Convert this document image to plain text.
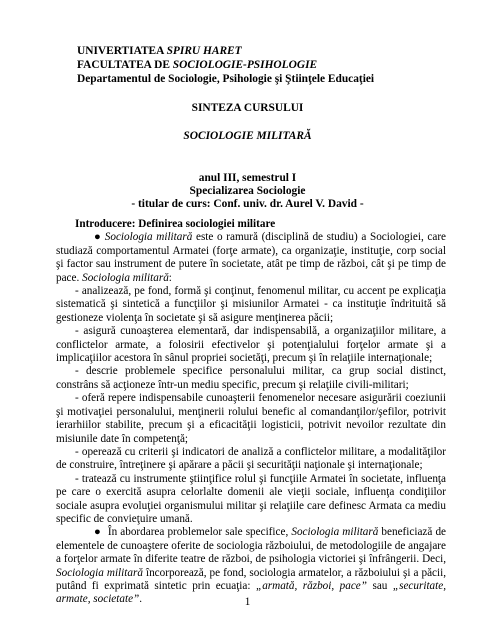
UNIVERTIATEA SPIRU HARET
FACULTATEA DE SOCIOLOGIE-PSIHOLOGIE
Departamentul de Sociologie, Psihologie şi Ştiinţele Educaţiei
SINTEZA CURSULUI
SOCIOLOGIE MILITARĂ
anul III, semestrul I
Specializarea Sociologie
- titular de curs: Conf. univ. dr. Aurel V. David -

Introducere: Definirea sociologiei militare

● Sociologia militară este o ramură (disciplină de studiu) a Sociologiei, care studiază comportamentul Armatei (forţe armate), ca organizaţie, instituţie, corp social şi factor sau instrument de putere în societate, atât pe timp de război, cât şi pe timp de pace. Sociologia militară:

- analizează, pe fond, formă şi conţinut, fenomenul militar, cu accent pe explicaţia sistematică şi sintetică a funcţiilor şi misiunilor Armatei - ca instituţie îndrituită să gestioneze violenţa în societate şi să asigure menţinerea păcii;

- asigură cunoaşterea elementară, dar indispensabilă, a organizaţiilor militare, a conflictelor armate, a folosirii efectivelor şi potenţialului forţelor armate şi a implicaţiilor acestora în sânul propriei societăţi, precum şi în relaţiile internaţionale;

- descrie problemele specifice personalului militar, ca grup social distinct, constrâns să acţioneze într-un mediu specific, precum şi relaţiile civili-militari;

- oferă repere indispensabile cunoaşterii fenomenelor necesare asigurării coeziunii şi motivaţiei personalului, menţinerii rolului benefic al comandanţilor/şefilor, potrivit ierarhiilor stabilite, precum şi a eficacităţii logisticii, potrivit nevoilor rezultate din misiunile date în competenţă;

- operează cu criterii şi indicatori de analiză a conflictelor militare, a modalităţilor de construire, întreţinere şi apărare a păcii şi securităţii naţionale şi internaţionale;

- tratează cu instrumente ştiinţifice rolul şi funcţiile Armatei în societate, influenţa pe care o exercită asupra celorlalte domenii ale vieţii sociale, influenţa condiţiilor sociale asupra evoluţiei organismului militar şi relaţiile care definesc Armata ca mediu specific de convieţuire umană.

● În abordarea problemelor sale specifice, Sociologia militară beneficiază de elementele de cunoaştere oferite de sociologia războiului, de metodologiile de angajare a forţelor armate în diferite teatre de război, de psihologia victoriei şi înfrângerii. Deci, Sociologia militară încorporează, pe fond, sociologia armatelor, a războiului şi a păcii, putând fi exprimată sintetic prin ecuaţia: „armată, război, pace” sau „securitate, armate, societate”.	1
